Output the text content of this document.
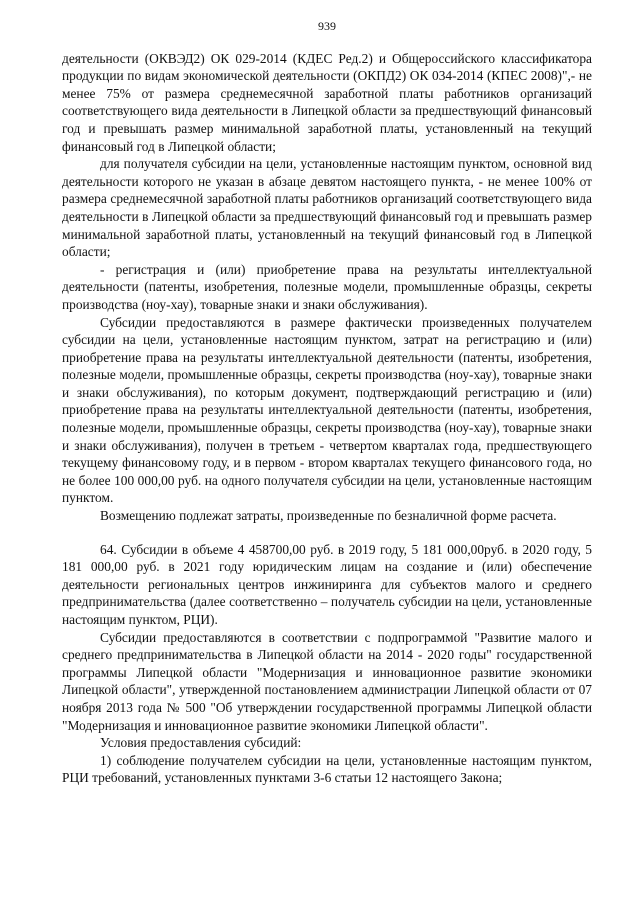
939

деятельности (ОКВЭД2) ОК 029-2014 (КДЕС Ред.2) и Общероссийского классификатора продукции по видам экономической деятельности (ОКПД2) ОК 034-2014 (КПЕС 2008)",- не менее 75% от размера среднемесячной заработной платы работников организаций соответствующего вида деятельности в Липецкой области за предшествующий финансовый год и превышать размер минимальной заработной платы, установленный на текущий финансовый год в Липецкой области;

для получателя субсидии на цели, установленные настоящим пунктом, основной вид деятельности которого не указан в абзаце девятом настоящего пункта, - не менее 100% от размера среднемесячной заработной платы работников организаций соответствующего вида деятельности в Липецкой области за предшествующий финансовый год и превышать размер минимальной заработной платы, установленный на текущий финансовый год в Липецкой области;

- регистрация и (или) приобретение права на результаты интеллектуальной деятельности (патенты, изобретения, полезные модели, промышленные образцы, секреты производства (ноу-хау), товарные знаки и знаки обслуживания).

Субсидии предоставляются в размере фактически произведенных получателем субсидии на цели, установленные настоящим пунктом, затрат на регистрацию и (или) приобретение права на результаты интеллектуальной деятельности (патенты, изобретения, полезные модели, промышленные образцы, секреты производства (ноу-хау), товарные знаки и знаки обслуживания), по которым документ, подтверждающий регистрацию и (или) приобретение права на результаты интеллектуальной деятельности (патенты, изобретения, полезные модели, промышленные образцы, секреты производства (ноу-хау), товарные знаки и знаки обслуживания), получен в третьем - четвертом кварталах года, предшествующего текущему финансовому году, и в первом - втором кварталах текущего финансового года, но не более 100 000,00 руб. на одного получателя субсидии на цели, установленные настоящим пунктом.

Возмещению подлежат затраты, произведенные по безналичной форме расчета.

64. Субсидии в объеме 4 458700,00 руб. в 2019 году, 5 181 000,00руб. в 2020 году, 5 181 000,00 руб. в 2021 году юридическим лицам на создание и (или) обеспечение деятельности региональных центров инжиниринга для субъектов малого и среднего предпринимательства (далее соответственно – получатель субсидии на цели, установленные настоящим пунктом, РЦИ).

Субсидии предоставляются в соответствии с подпрограммой "Развитие малого и среднего предпринимательства в Липецкой области на 2014 - 2020 годы" государственной программы Липецкой области "Модернизация и инновационное развитие экономики Липецкой области", утвержденной постановлением администрации Липецкой области от 07 ноября 2013 года № 500 "Об утверждении государственной программы Липецкой области "Модернизация и инновационное развитие экономики Липецкой области".

Условия предоставления субсидий:

1) соблюдение получателем субсидии на цели, установленные настоящим пунктом, РЦИ требований, установленных пунктами 3-6 статьи 12 настоящего Закона;
